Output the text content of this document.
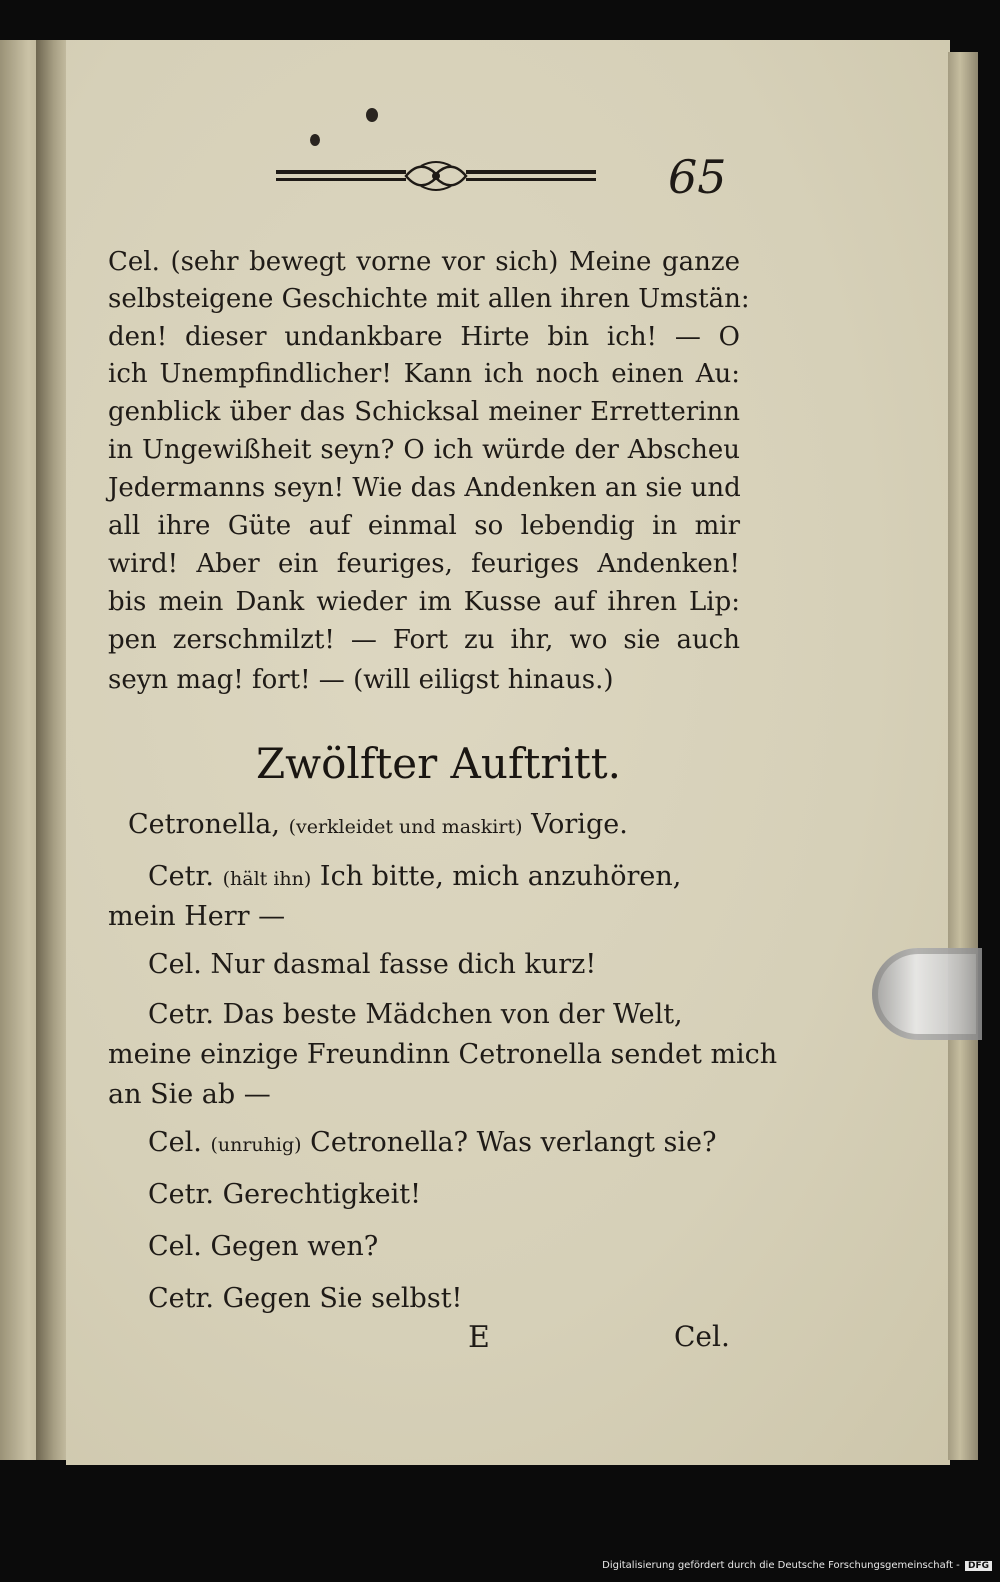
65
Cel. (sehr bewegt vorne vor sich) Meine ganze
selbsteigene Geschichte mit allen ihren Umstän:
den! dieser undankbare Hirte bin ich! — O
ich Unempfindlicher! Kann ich noch einen Au:
genblick über das Schicksal meiner Erretterinn
in Ungewißheit seyn? O ich würde der Abscheu
Jedermanns seyn! Wie das Andenken an sie und
all ihre Güte auf einmal so lebendig in mir
wird! Aber ein feuriges, feuriges Andenken!
bis mein Dank wieder im Kusse auf ihren Lip:
pen zerschmilzt! — Fort zu ihr, wo sie auch
seyn mag! fort! — (will eiligst hinaus.)
Zwölfter Auftritt.
Cetronella, (verkleidet und maskirt) Vorige.
Cetr. (hält ihn) Ich bitte, mich anzuhören,
mein Herr —
Cel. Nur dasmal fasse dich kurz!
Cetr. Das beste Mädchen von der Welt,
meine einzige Freundinn Cetronella sendet mich
an Sie ab —
Cel. (unruhig) Cetronella? Was verlangt sie?
Cetr. Gerechtigkeit!
Cel. Gegen wen?
Cetr. Gegen Sie selbst!
E	Cel.
Digitalisierung gefördert durch die Deutsche Forschungsgemeinschaft - DFG
